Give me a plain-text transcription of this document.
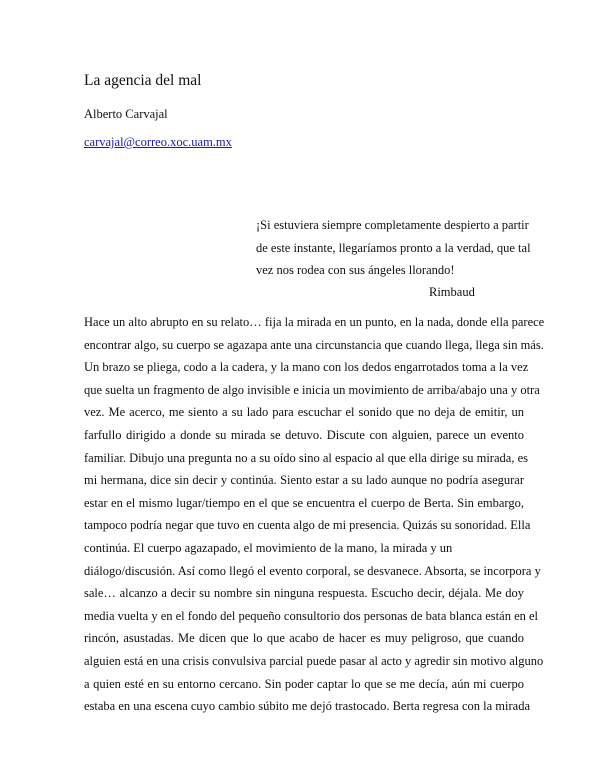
La agencia del mal
Alberto Carvajal
carvajal@correo.xoc.uam.mx
¡Si estuviera siempre completamente despierto a partir
de este instante, llegaríamos pronto a la verdad, que tal
vez nos rodea con sus ángeles llorando!
Rimbaud
Hace un alto abrupto en su relato… fija la mirada en un punto, en la nada, donde ella parece
encontrar algo, su cuerpo se agazapa ante una circunstancia que cuando llega, llega sin más.
Un brazo se pliega, codo a la cadera, y la mano con los dedos engarrotados toma a la vez
que suelta un fragmento de algo invisible e inicia un movimiento de arriba/abajo una y otra
vez. Me acerco, me siento a su lado para escuchar el sonido que no deja de emitir, un
farfullo dirigido a donde su mirada se detuvo. Discute con alguien, parece un evento
familiar. Dibujo una pregunta no a su oído sino al espacio al que ella dirige su mirada, es
mi hermana, dice sin decir y continúa. Siento estar a su lado aunque no podría asegurar
estar en el mismo lugar/tiempo en el que se encuentra el cuerpo de Berta. Sin embargo,
tampoco podría negar que tuvo en cuenta algo de mi presencia. Quizás su sonoridad. Ella
continúa. El cuerpo agazapado, el movimiento de la mano, la mirada y un
diálogo/discusión. Así como llegó el evento corporal, se desvanece. Absorta, se incorpora y
sale… alcanzo a decir su nombre sin ninguna respuesta. Escucho decir, déjala. Me doy
media vuelta y en el fondo del pequeño consultorio dos personas de bata blanca están en el
rincón, asustadas. Me dicen que lo que acabo de hacer es muy peligroso, que cuando
alguien está en una crisis convulsiva parcial puede pasar al acto y agredir sin motivo alguno
a quien esté en su entorno cercano. Sin poder captar lo que se me decía, aún mi cuerpo
estaba en una escena cuyo cambio súbito me dejó trastocado. Berta regresa con la mirada
